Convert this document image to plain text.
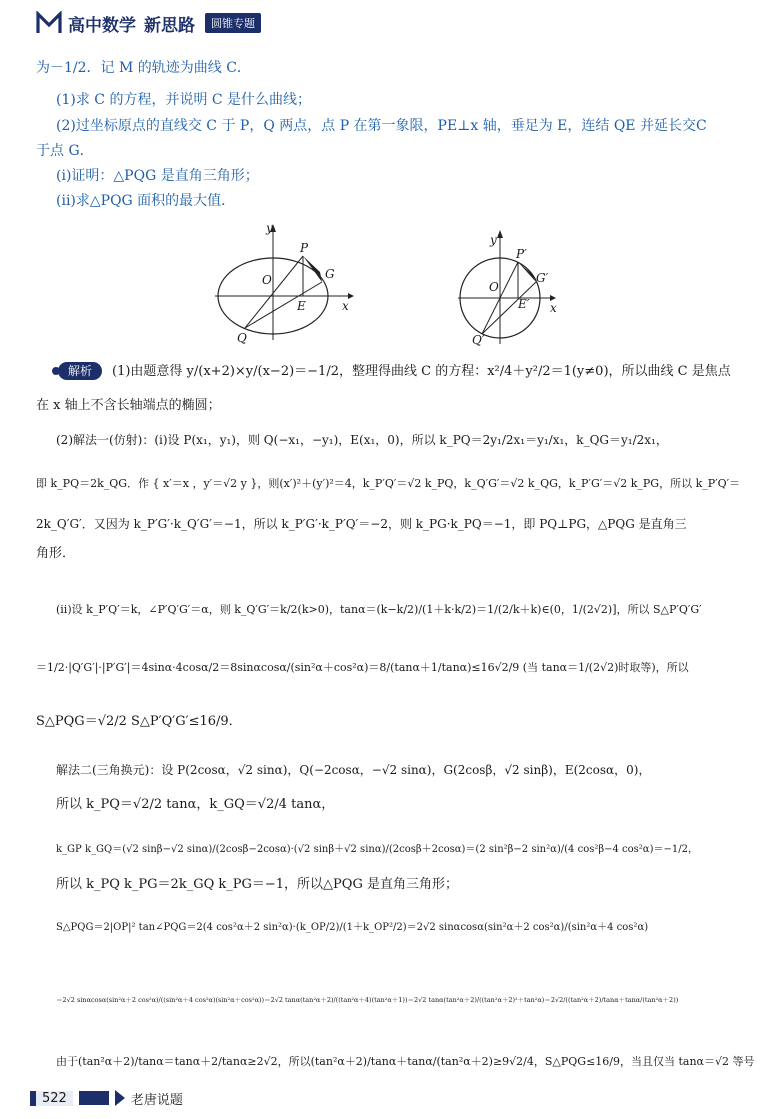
高中数学 新思路	圆锥专题
为－1/2．记 M 的轨迹为曲线 C．
(1)求 C 的方程，并说明 C 是什么曲线；
(2)过坐标原点的直线交 C 于 P，Q 两点，点 P 在第一象限，PE⊥x 轴，垂足为 E，连结 QE 并延长交C
于点 G．
(ⅰ)证明：△PQG 是直角三角形；
(ⅱ)求△PQG 面积的最大值．
y
P
O	G
E	x
Q
y
P′
O
G′
E′ x
Q′
解析	(1)由题意得 y/(x+2)×y/(x−2)＝−1/2，整理得曲线 C 的方程：x²/4＋y²/2＝1(y≠0)，所以曲线 C 是焦点
在 x 轴上不含长轴端点的椭圆；
(2)解法一(仿射)：(ⅰ)设 P(x₁，y₁)，则 Q(−x₁，−y₁)，E(x₁，0)，所以 k_PQ＝2y₁/2x₁＝y₁/x₁，k_QG＝y₁/2x₁，
即 k_PQ＝2k_QG．作 { x′＝x ，y′＝√2 y }，则(x′)²＋(y′)²＝4，k_P′Q′＝√2 k_PQ，k_Q′G′＝√2 k_QG，k_P′G′＝√2 k_PG，所以 k_P′Q′＝
2k_Q′G′．又因为 k_P′G′·k_Q′G′＝−1，所以 k_P′G′·k_P′Q′＝−2，则 k_PG·k_PQ＝−1，即 PQ⊥PG，△PQG 是直角三
角形．
(ⅱ)设 k_P′Q′＝k，∠P′Q′G′＝α，则 k_Q′G′＝k/2(k>0)，tanα＝(k−k/2)/(1＋k·k/2)＝1/(2/k＋k)∈(0，1/(2√2)]，所以 S△P′Q′G′
＝1/2·|Q′G′|·|P′G′|＝4sinα·4cosα/2＝8sinαcosα/(sin²α＋cos²α)＝8/(tanα＋1/tanα)≤16√2/9 (当 tanα＝1/(2√2)时取等)，所以
S△PQG＝√2/2 S△P′Q′G′≤16/9．
解法二(三角换元)：设 P(2cosα，√2 sinα)，Q(−2cosα，−√2 sinα)，G(2cosβ，√2 sinβ)，E(2cosα，0)，
所以 k_PQ＝√2/2 tanα，k_GQ＝√2/4 tanα，
k_GP k_GQ＝(√2 sinβ−√2 sinα)/(2cosβ−2cosα)·(√2 sinβ＋√2 sinα)/(2cosβ＋2cosα)＝(2 sin²β−2 sin²α)/(4 cos²β−4 cos²α)＝−1/2，
所以 k_PQ k_PG＝2k_GQ k_PG＝−1，所以△PQG 是直角三角形；
S△PQG＝2|OP|² tan∠PQG＝2(4 cos²α＋2 sin²α)·(k_OP/2)/(1＋k_OP²/2)＝2√2 sinαcosα(sin²α＋2 cos²α)/(sin²α＋4 cos²α)
＝2√2 sinαcosα(sin²α＋2 cos²α)/((sin²α＋4 cos²α)(sin²α＋cos²α))＝2√2 tanα(tan²α＋2)/((tan²α＋4)(tan²α＋1))＝2√2 tanα(tan²α＋2)/((tan²α＋2)²＋tan²α)＝2√2/((tan²α＋2)/tanα＋tanα/(tan²α＋2))
由于(tan²α＋2)/tanα＝tanα＋2/tanα≥2√2，所以(tan²α＋2)/tanα＋tanα/(tan²α＋2)≥9√2/4，S△PQG≤16/9，当且仅当 tanα＝√2 等号
522	老唐说题
